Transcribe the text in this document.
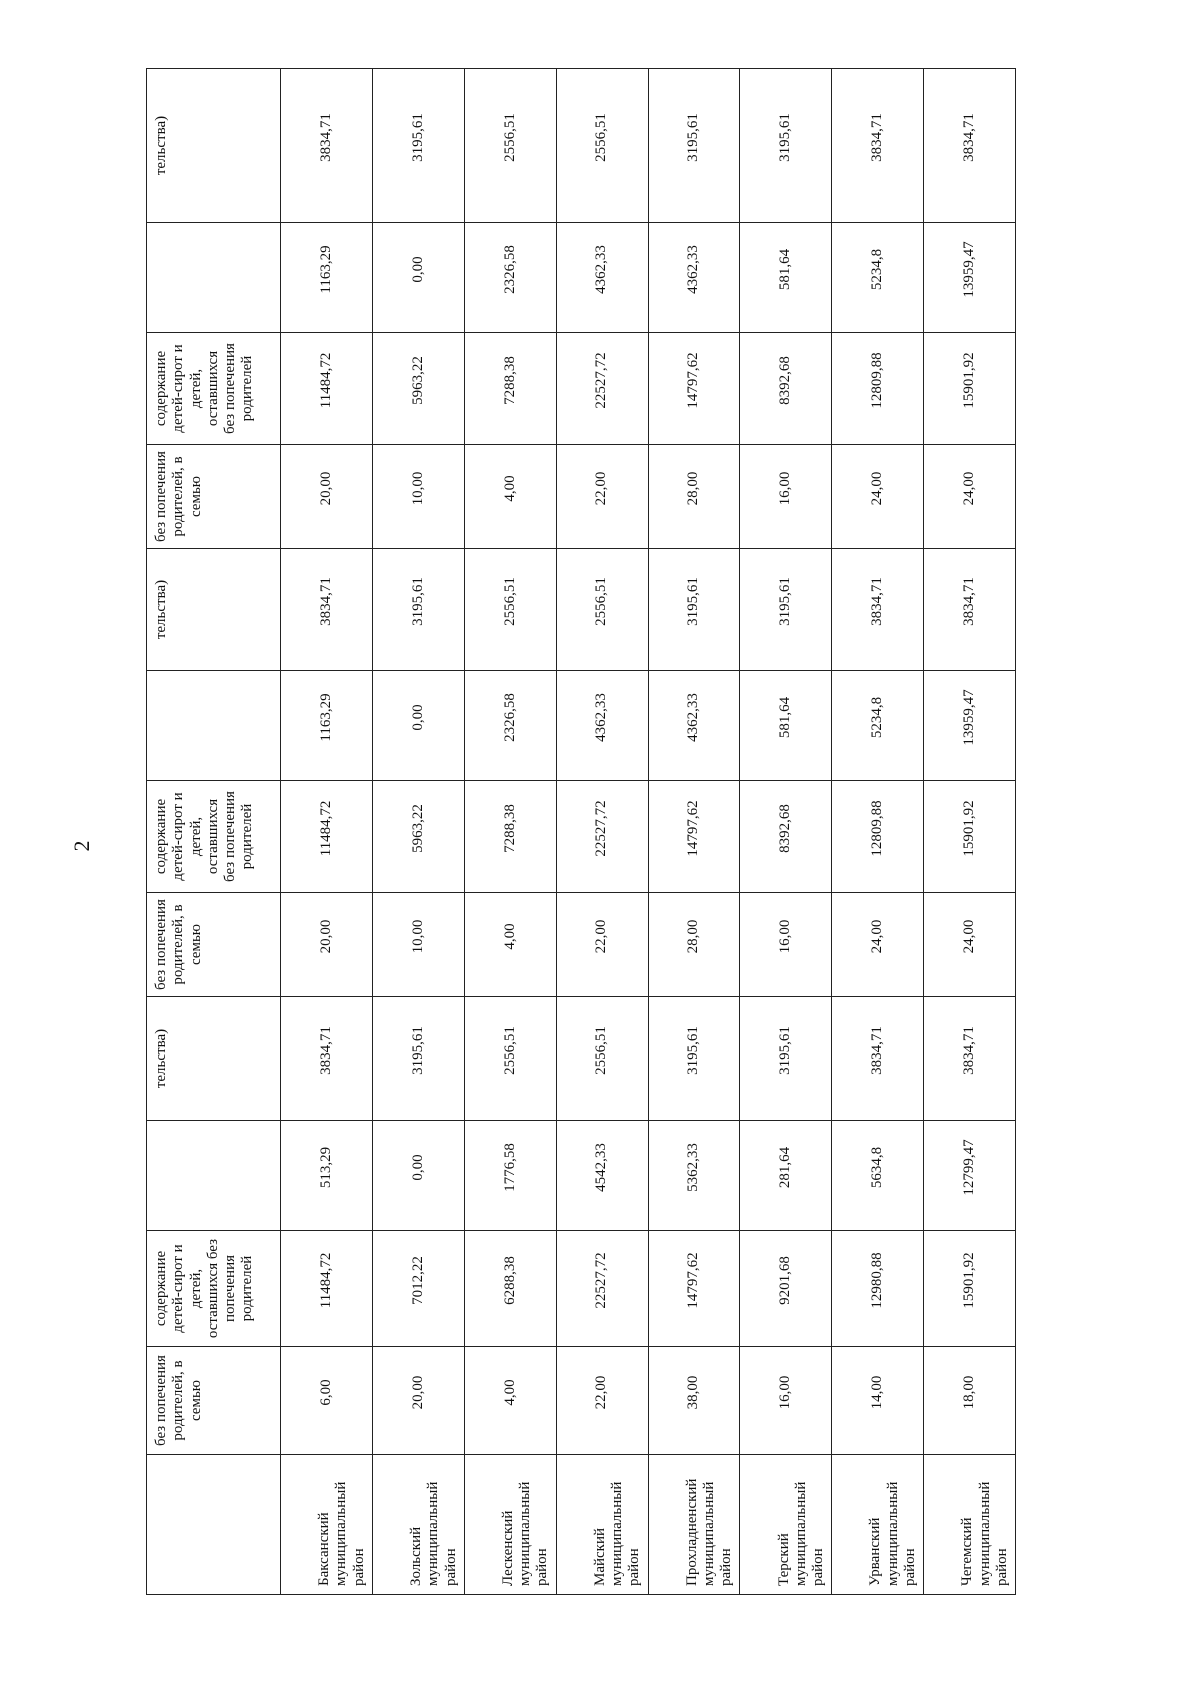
2

	без попечения родителей, в семью	содержание детей-сирот и детей, оставшихся без попечения родителей		тельства)	без попечения родителей, в семью	содержание детей-сирот и детей, оставшихся без попечения родителей		тельства)	без попечения родителей, в семью	содержание детей-сирот и детей, оставшихся без попечения родителей		тельства)

Баксанский муниципальный район	6,00	11484,72	513,29	3834,71	20,00	11484,72	1163,29	3834,71	20,00	11484,72	1163,29	3834,71

Зольский муниципальный район	20,00	7012,22	0,00	3195,61	10,00	5963,22	0,00	3195,61	10,00	5963,22	0,00	3195,61

Лескенский муниципальный район	4,00	6288,38	1776,58	2556,51	4,00	7288,38	2326,58	2556,51	4,00	7288,38	2326,58	2556,51

Майский муниципальный район	22,00	22527,72	4542,33	2556,51	22,00	22527,72	4362,33	2556,51	22,00	22527,72	4362,33	2556,51

Прохладненский муниципальный район	38,00	14797,62	5362,33	3195,61	28,00	14797,62	4362,33	3195,61	28,00	14797,62	4362,33	3195,61

Терский муниципальный район	16,00	9201,68	281,64	3195,61	16,00	8392,68	581,64	3195,61	16,00	8392,68	581,64	3195,61

Урванский муниципальный район	14,00	12980,88	5634,8	3834,71	24,00	12809,88	5234,8	3834,71	24,00	12809,88	5234,8	3834,71

Чегемский муниципальный район	18,00	15901,92	12799,47	3834,71	24,00	15901,92	13959,47	3834,71	24,00	15901,92	13959,47	3834,71
